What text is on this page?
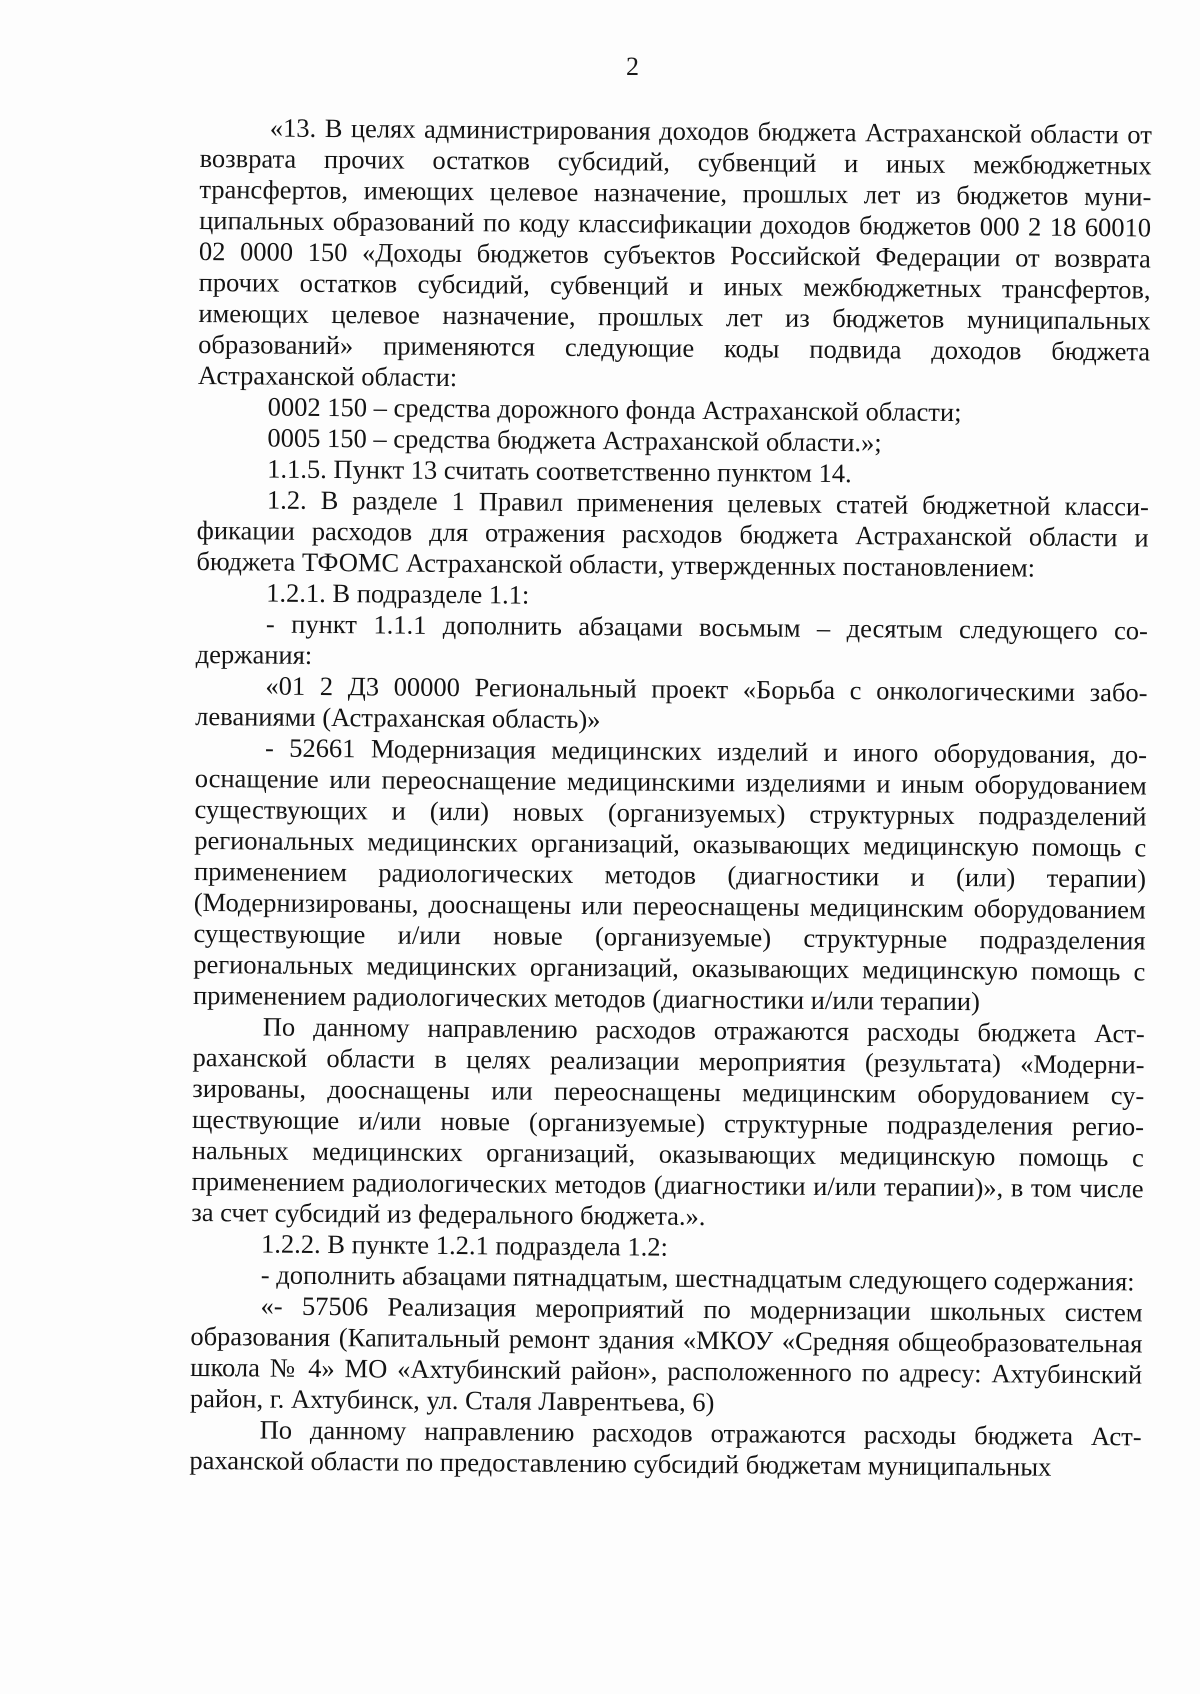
2

«13. В целях администрирования доходов бюджета Астраханской области от возврата прочих остатков субсидий, субвенций и иных межбюджетных трансфертов, имеющих целевое назначение, прошлых лет из бюджетов муниципальных образований по коду классификации доходов бюджетов 000 2 18 60010 02 0000 150 «Доходы бюджетов субъектов Российской Федерации от возврата прочих остатков субсидий, субвенций и иных межбюджетных трансфертов, имеющих целевое назначение, прошлых лет из бюджетов муниципальных образований» применяются следующие коды подвида доходов бюджета Астраханской области:

0002 150 – средства дорожного фонда Астраханской области;

0005 150 – средства бюджета Астраханской области.»;

1.1.5. Пункт 13 считать соответственно пунктом 14.

1.2. В разделе 1 Правил применения целевых статей бюджетной классификации расходов для отражения расходов бюджета Астраханской области и бюджета ТФОМС Астраханской области, утвержденных постановлением:

1.2.1. В подразделе 1.1:

- пункт 1.1.1 дополнить абзацами восьмым – десятым следующего содержания:

«01 2 Д3 00000 Региональный проект «Борьба с онкологическими заболеваниями (Астраханская область)»

- 52661 Модернизация медицинских изделий и иного оборудования, дооснащение или переоснащение медицинскими изделиями и иным оборудованием существующих и (или) новых (организуемых) структурных подразделений региональных медицинских организаций, оказывающих медицинскую помощь с применением радиологических методов (диагностики и (или) терапии) (Модернизированы, дооснащены или переоснащены медицинским оборудованием существующие и/или новые (организуемые) структурные подразделения региональных медицинских организаций, оказывающих медицинскую помощь с применением радиологических методов (диагностики и/или терапии)

По данному направлению расходов отражаются расходы бюджета Астраханской области в целях реализации мероприятия (результата) «Модернизированы, дооснащены или переоснащены медицинским оборудованием существующие и/или новые (организуемые) структурные подразделения региональных медицинских организаций, оказывающих медицинскую помощь с применением радиологических методов (диагностики и/или терапии)», в том числе за счет субсидий из федерального бюджета.».

1.2.2. В пункте 1.2.1 подраздела 1.2:

- дополнить абзацами пятнадцатым, шестнадцатым следующего содержания:

«- 57506 Реализация мероприятий по модернизации школьных систем образования (Капитальный ремонт здания «МКОУ «Средняя общеобразовательная школа № 4» МО «Ахтубинский район», расположенного по адресу: Ахтубинский район, г. Ахтубинск, ул. Сталя Лаврентьева, 6)

По данному направлению расходов отражаются расходы бюджета Астраханской области по предоставлению субсидий бюджетам муниципальных
